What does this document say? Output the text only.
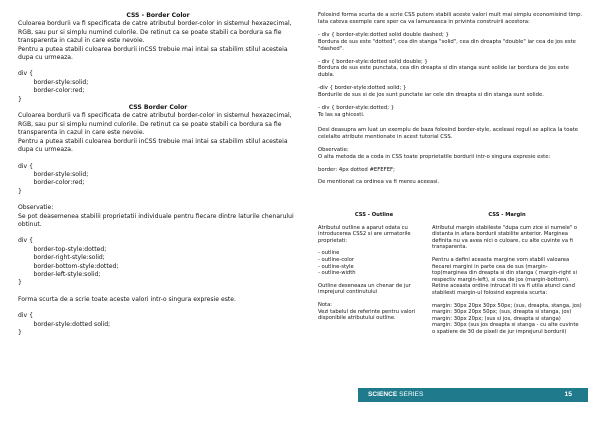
CSS - Border Color
Culoarea bordurii va fi specificata de catre atributul border-color in sistemul hexazecimal, RGB, sau pur si simplu numind culorile. De retinut ca se poate stabili ca bordura sa fie transparenta in cazul in care este nevoie.
Pentru a putea stabili culoarea bordurii inCSS trebuie mai intai sa stabilim stilul acesteia dupa cu urmeaza.
div {
border-style:solid;
border-color:red;
}
CSS Border Color
Culoarea bordurii va fi specificata de catre atributul border-color in sistemul hexazecimal, RGB, sau pur si simplu numind culorile. De retinut ca se poate stabili ca bordura sa fie transparenta in cazul in care este nevoie.
Pentru a putea stabili culoarea bordurii inCSS trebuie mai intai sa stabilim stilul acesteia dupa cu urmeaza.
div {
border-style:solid;
border-color:red;
}
Observatie:
Se pot deasemenea stabilii proprietatii individuale pentru fiecare dintre laturile chenarului obtinut.
div {
border-top-style:dotted;
border-right-style:solid;
border-bottom-style:dotted;
border-left-style:solid;
}
Forma scurta de a scrie toate aceste valori intr-o singura expresie este.
div {
border-style:dotted solid;
}
Folosind forma scurta de a scrie CSS putem stabili aceste valori mult mai simplu economisind timp. Iata cateva exemple care sper ca va lamureasca in privinta construirii acestora:
- div { border-style:dotted solid double dashed; }
Bordura de sus este "dotted", cea din stanga "solid", cea din dreapta "double" iar cea de jos este "dashed".
- div { border-style:dotted solid double; }
Bordura de sus este punctata, cea din dreapta si din stanga sunt solide iar bordura de jos este dubla.
-div { border-style:dotted solid; }
Bordurile de sus si de jos sunt punctate iar cele din dreapta si din stanga sunt solide.
- div { border-style:dotted; }
Te las sa ghicesti.
Desi deasupra am luat un exemplu de baza folosind border-style, aceleasi reguli se aplica la toate celelalte atribute mentionate in acest tutorial CSS.
Observatie:
O alta metoda de a coda in CSS toate proprietatile bordurii intr-o singura expresie este:
border: 4px dotted #EFEFEF;
De mentionat ca ordinea va fi mereu aceeasi.
CSS - Outline
Atributul outline a aparut odata cu introducerea CSS2 si are urmatorile proprietati:
- outline
- outline-color
- outline-style
- outline-width
Outline deseneaza un chenar de jur imprejurul continutului
Nota:
Vezi tabelul de referinte pentru valori disponibile atributului outline.
CSS - Margin
Atributul margin stabileste "dupa cum zice si numele" o distanta in afara bordurii stabilite anterior. Marginea definita nu va avea nici o culoare, cu alte cuvinte va fi transparenta.
Pentru a defini aceasta margine vom stabili valoarea fiecarei margini in parte cea de sus (margin-top)marginea din dreapta si din stanga ( margin-right si respectiv margin-left), si cea de jos (margin-bottom). Retine aceasta ordine intrucat iti va fi utila atunci cand stabilesti margin-ul folosind expresia scurta:
margin: 30px 20px 30px 50px; (sus, dreapta, stanga, jos)
margin: 30px 20px 50px; (sus, dreapta si stanga, jos)
margin: 30px 20px; (sus si jos, dreapta si stanga)
margin: 30px (sus jos dreapta si stanga - cu alte cuvinte o spatiere de 30 de pixeli de jur imprejurul bordurii)
SCIENCE SERIES	15
